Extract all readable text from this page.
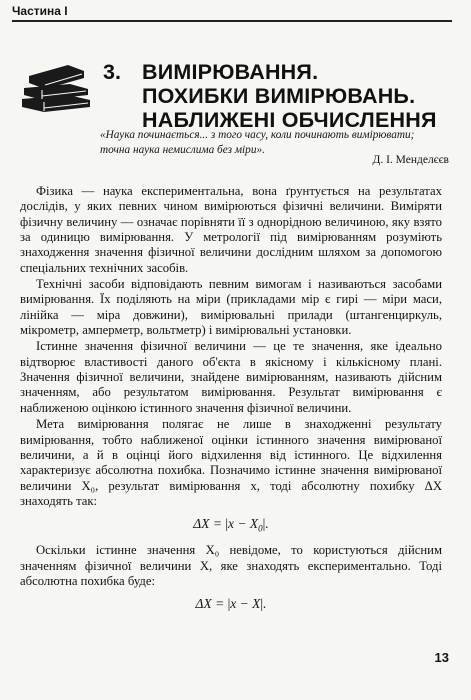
Частина І
3. ВИМІРЮВАННЯ.
ПОХИБКИ ВИМІРЮВАНЬ.
НАБЛИЖЕНІ ОБЧИСЛЕННЯ
«Наука починається... з того часу, коли починають вимірювати;
точна наука немислима без міри».
Д. І. Менделєєв

Фізика — наука експериментальна, вона ґрунтується на результатах дослідів, у яких певних чином вимірюються фізичні величини. Виміряти фізичну величину — означає порівняти її з однорідною величиною, яку взято за одиницю вимірювання. У метрології під вимірюванням розуміють знаходження значення фізичної величини дослідним шляхом за допомогою спеціальних технічних засобів.

Технічні засоби відповідають певним вимогам і називаються засобами вимірювання. Їх поділяють на міри (прикладами мір є гирі — міри маси, лінійка — міра довжини), вимірювальні прилади (штангенциркуль, мікрометр, амперметр, вольтметр) і вимірювальні установки.

Істинне значення фізичної величини — це те значення, яке ідеально відтворює властивості даного об'єкта в якісному і кількісному плані. Значення фізичної величини, знайдене вимірюванням, називають дійсним значенням, або результатом вимірювання. Результат вимірювання є наближеною оцінкою істинного значення фізичної величини.

Мета вимірювання полягає не лише в знаходженні результату вимірювання, тобто наближеної оцінки істинного значення вимірюваної величини, а й в оцінці його відхилення від істинного. Це відхилення характеризує абсолютна похибка. Позначимо істинне значення вимірюваної величини X₀, результат вимірювання x, тоді абсолютну похибку ΔX знаходять так:

$\Delta X = |x - X_0|$.

Оскільки істинне значення X₀ невідоме, то користуються дійсним значенням фізичної величини X, яке знаходять експериментально. Тоді абсолютна похибка буде:

ΔX = |x − X|.
13
